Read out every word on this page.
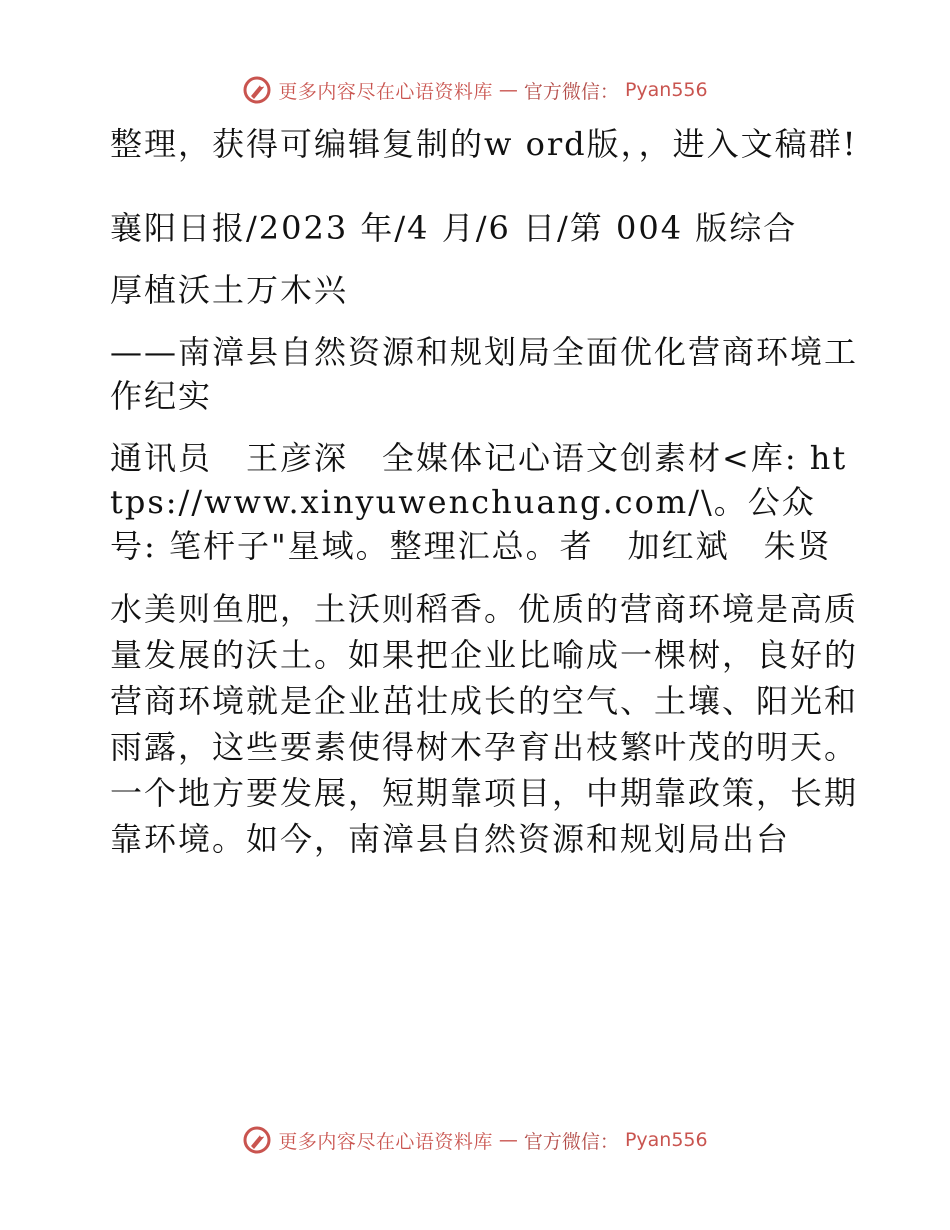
更多内容尽在心语资料库 — 官方微信： Pyan556

整理，获得可编辑复制的w ord版，，进入文稿群!

襄阳日报/2023 年/4 月/6 日/第 004 版综合

厚植沃土万木兴

——南漳县自然资源和规划局全面优化营商环境工作纪实

通讯员　王彦深　全媒体记心语文创素材<库: https://www.xinyuwenchuang.com/\。公众号: 笔杆子"星域。整理汇总。者　加红斌　朱贤

水美则鱼肥，土沃则稻香。优质的营商环境是高质量发展的沃土。如果把企业比喻成一棵树，良好的营商环境就是企业茁壮成长的空气、土壤、阳光和雨露，这些要素使得树木孕育出枝繁叶茂的明天。一个地方要发展，短期靠项目，中期靠政策，长期靠环境。如今，南漳县自然资源和规划局出台

更多内容尽在心语资料库 — 官方微信： Pyan556
